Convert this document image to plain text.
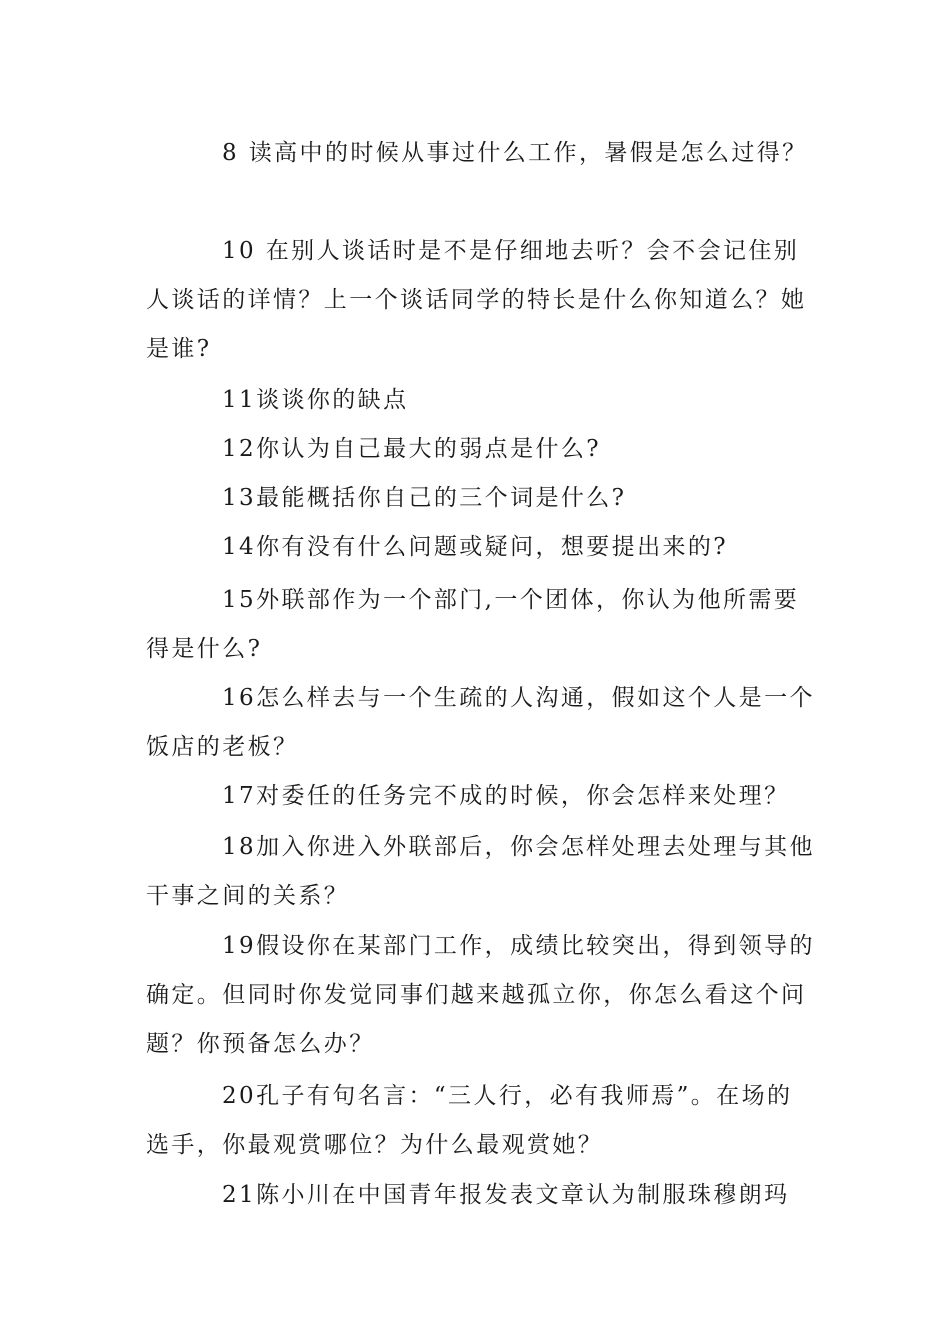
8 读高中的时候从事过什么工作，暑假是怎么过得？

10 在别人谈话时是不是仔细地去听？会不会记住别人谈话的详情？上一个谈话同学的特长是什么你知道么？她是谁?

11谈谈你的缺点

12你认为自己最大的弱点是什么?

13最能概括你自己的三个词是什么?

14你有没有什么问题或疑问，想要提出来的?

15外联部作为一个部门,一个团体，你认为他所需要得是什么?

16怎么样去与一个生疏的人沟通，假如这个人是一个饭店的老板？

17对委任的任务完不成的时候，你会怎样来处理？

18加入你进入外联部后，你会怎样处理去处理与其他干事之间的关系？

19假设你在某部门工作，成绩比较突出，得到领导的确定。但同时你发觉同事们越来越孤立你，你怎么看这个问题？你预备怎么办？

20孔子有句名言：“三人行，必有我师焉”。在场的选手，你最观赏哪位？为什么最观赏她？

21陈小川在中国青年报发表文章认为制服珠穆朗玛
